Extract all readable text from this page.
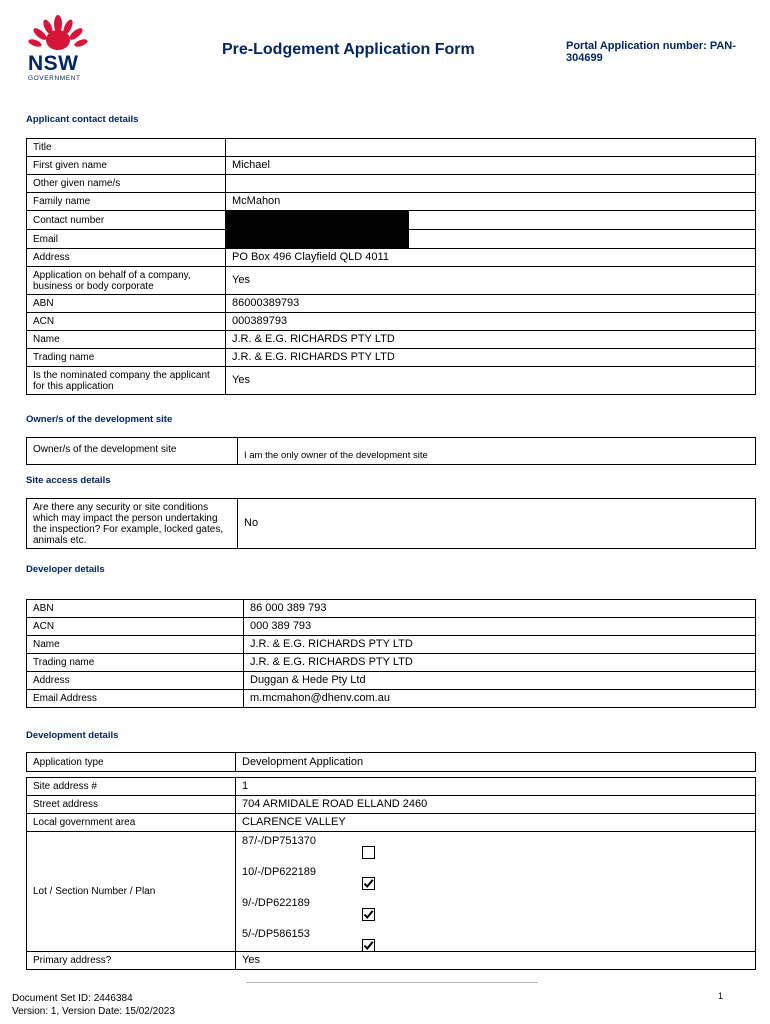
NSW
GOVERNMENT
Pre-Lodgement Application Form	Portal Application number: PAN-304699
Applicant contact details
Title	
First given name	Michael
Other given name/s	
Family name	McMahon
Contact number	

Email	

Address	PO Box 496 Clayfield QLD 4011
Application on behalf of a company, business or body corporate	Yes
ABN	86000389793
ACN	000389793
Name	J.R. & E.G. RICHARDS PTY LTD
Trading name	J.R. & E.G. RICHARDS PTY LTD
Is the nominated company the applicant for this application	Yes
Owner/s of the development site
Owner/s of the development site	I am the only owner of the development site
Site access details
Are there any security or site conditions which may impact the person undertaking the inspection? For example, locked gates, animals etc.	No
Developer details
ABN	86 000 389 793
ACN	000 389 793
Name	J.R. & E.G. RICHARDS PTY LTD
Trading name	J.R. & E.G. RICHARDS PTY LTD
Address	Duggan & Hede Pty Ltd
Email Address	m.mcmahon@dhenv.com.au
Development details
Application type	Development Application

Site address #	1
Street address	704 ARMIDALE ROAD ELLAND 2460
Local government area	CLARENCE VALLEY
Lot / Section Number / Plan	87/-/DP751370
10/-/DP622189
9/-/DP622189
5/-/DP586153

Primary address?	Yes
Document Set ID: 2446384
Version: 1, Version Date: 15/02/2023
1
